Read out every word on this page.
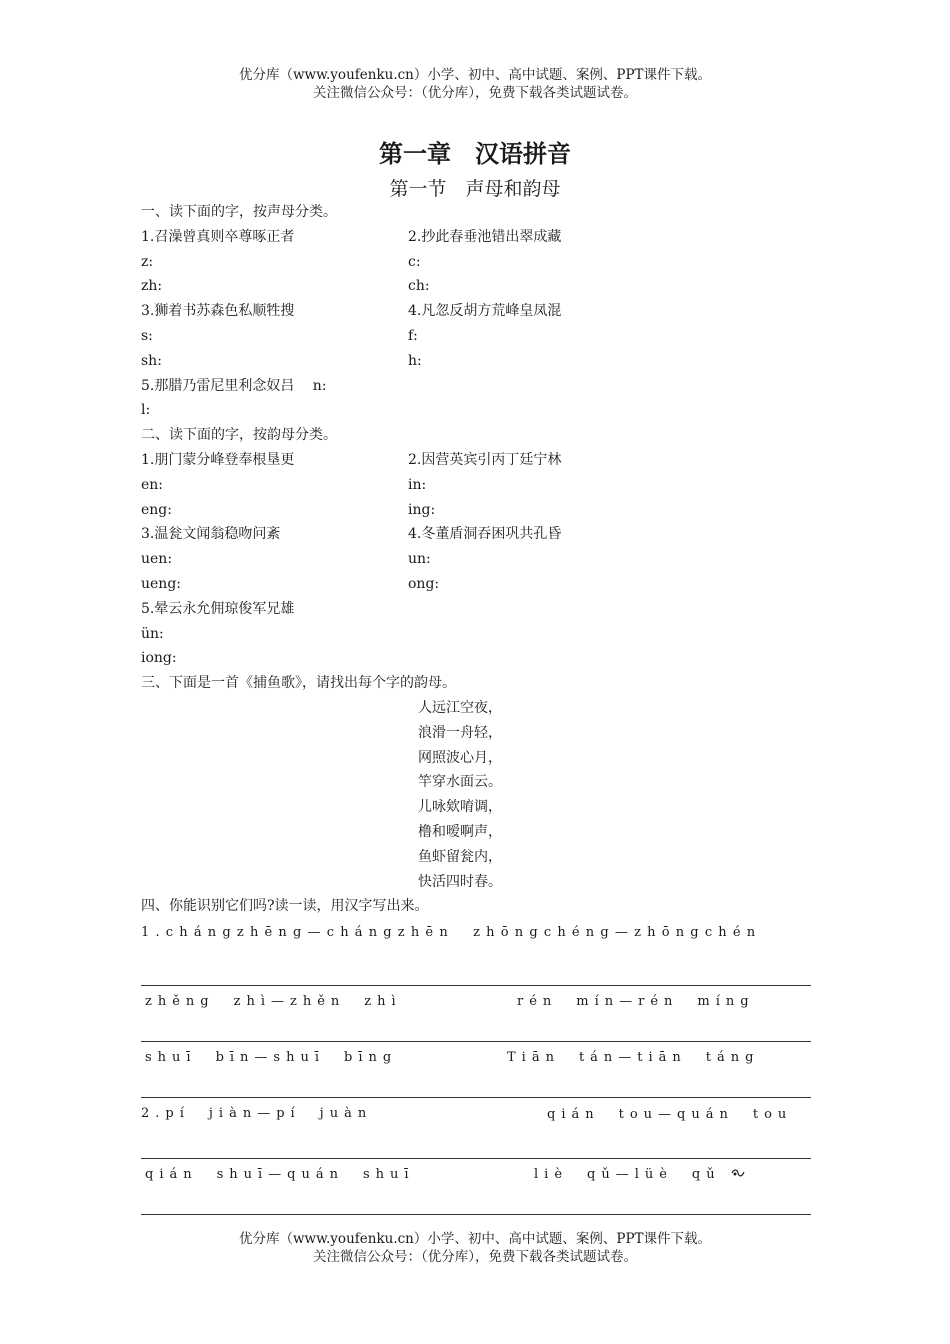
优分库（www.youfenku.cn）小学、初中、高中试题、案例、PPT课件下载。
关注微信公众号：（优分库），免费下载各类试题试卷。
第一章　汉语拼音
第一节　声母和韵母
一、读下面的字，按声母分类。
1.召澡曾真则卒尊啄正者	2.抄此春垂池错出翠成藏
z:	c:
zh:	ch:
3.狮着书苏森色私顺牲搜	4.凡忽反胡方荒峰皇凤混
s:	f:
sh:	h:
5.那腊乃雷尼里利念奴吕　 n:
l:
二、读下面的字，按韵母分类。
1.朋门蒙分峰登奉根垦更	2.因营英宾引丙丁廷宁林
en:	in:
eng:	ing:
3.温瓮文闻翁稳吻问紊	4.冬董盾洞吞困巩共孔昏
uen:	un:
ueng:	ong:
5.晕云永允佣琼俊军兄雄
ün:
iong:
三、下面是一首《捕鱼歌》，请找出每个字的韵母。
人远江空夜，
浪滑一舟轻，
网照波心月，
竿穿水面云。
儿咏欸唷调，
橹和嗳啊声，
鱼虾留瓮内，
快活四时春。
四、你能识别它们吗?读一读，用汉字写出来。
1.chángzhēng—chángzhēn　zhōngchéng—zhōngchén
zhěng　zhì—zhěn　zhì	rén　mín—rén　míng
shuī　bīn—shuī　bīng	Tiān　tán—tiān　táng
2.pí　jiàn—pí　juàn	qián　tou—quán　tou
qián　shuī—quán　shuī	liè　qǔ—lüè　qǔ
优分库（www.youfenku.cn）小学、初中、高中试题、案例、PPT课件下载。
关注微信公众号：（优分库），免费下载各类试题试卷。
